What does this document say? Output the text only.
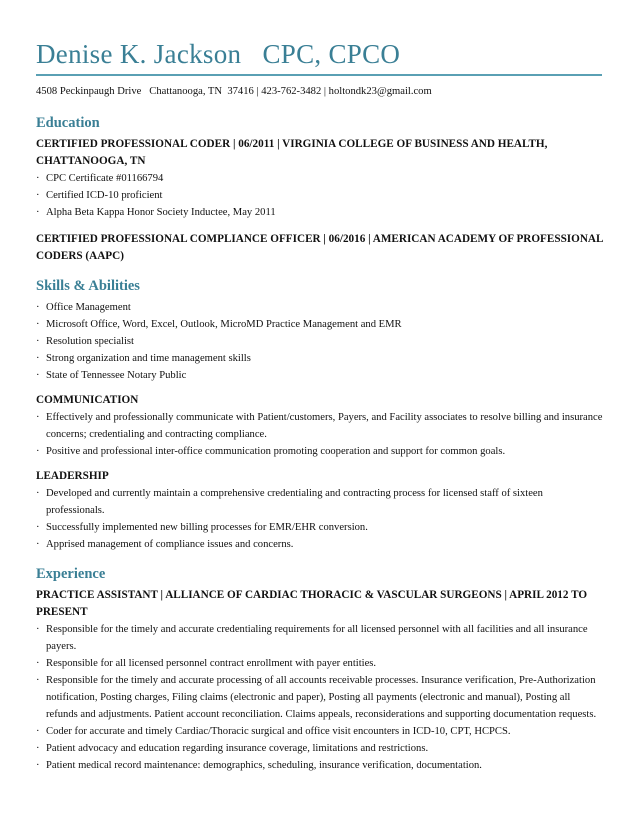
Denise K. Jackson   CPC, CPCO
4508 Peckinpaugh Drive   Chattanooga, TN  37416 | 423-762-3482 | holtondk23@gmail.com
Education
CERTIFIED PROFESSIONAL CODER | 06/2011 | VIRGINIA COLLEGE OF BUSINESS AND HEALTH, CHATTANOOGA, TN
· CPC Certificate #01166794
· Certified ICD-10 proficient
· Alpha Beta Kappa Honor Society Inductee, May 2011
CERTIFIED PROFESSIONAL COMPLIANCE OFFICER | 06/2016 | AMERICAN ACADEMY OF PROFESSIONAL CODERS (AAPC)
Skills & Abilities
· Office Management
· Microsoft Office, Word, Excel, Outlook, MicroMD Practice Management and EMR
· Resolution specialist
· Strong organization and time management skills
· State of Tennessee Notary Public
COMMUNICATION
· Effectively and professionally communicate with Patient/customers, Payers, and Facility associates to resolve billing and insurance concerns; credentialing and contracting compliance.
· Positive and professional inter-office communication promoting cooperation and support for common goals.
LEADERSHIP
· Developed and currently maintain a comprehensive credentialing and contracting process for licensed staff of sixteen professionals.
· Successfully implemented new billing processes for EMR/EHR conversion.
· Apprised management of compliance issues and concerns.
Experience
PRACTICE ASSISTANT | ALLIANCE OF CARDIAC THORACIC & VASCULAR SURGEONS | APRIL 2012 TO PRESENT
· Responsible for the timely and accurate credentialing requirements for all licensed personnel with all facilities and all insurance payers.
· Responsible for all licensed personnel contract enrollment with payer entities.
· Responsible for the timely and accurate processing of all accounts receivable processes. Insurance verification, Pre-Authorization notification, Posting charges, Filing claims (electronic and paper), Posting all payments (electronic and manual), Posting all refunds and adjustments. Patient account reconciliation. Claims appeals, reconsiderations and supporting documentation requests.
· Coder for accurate and timely Cardiac/Thoracic surgical and office visit encounters in ICD-10, CPT, HCPCS.
· Patient advocacy and education regarding insurance coverage, limitations and restrictions.
· Patient medical record maintenance: demographics, scheduling, insurance verification, documentation.
